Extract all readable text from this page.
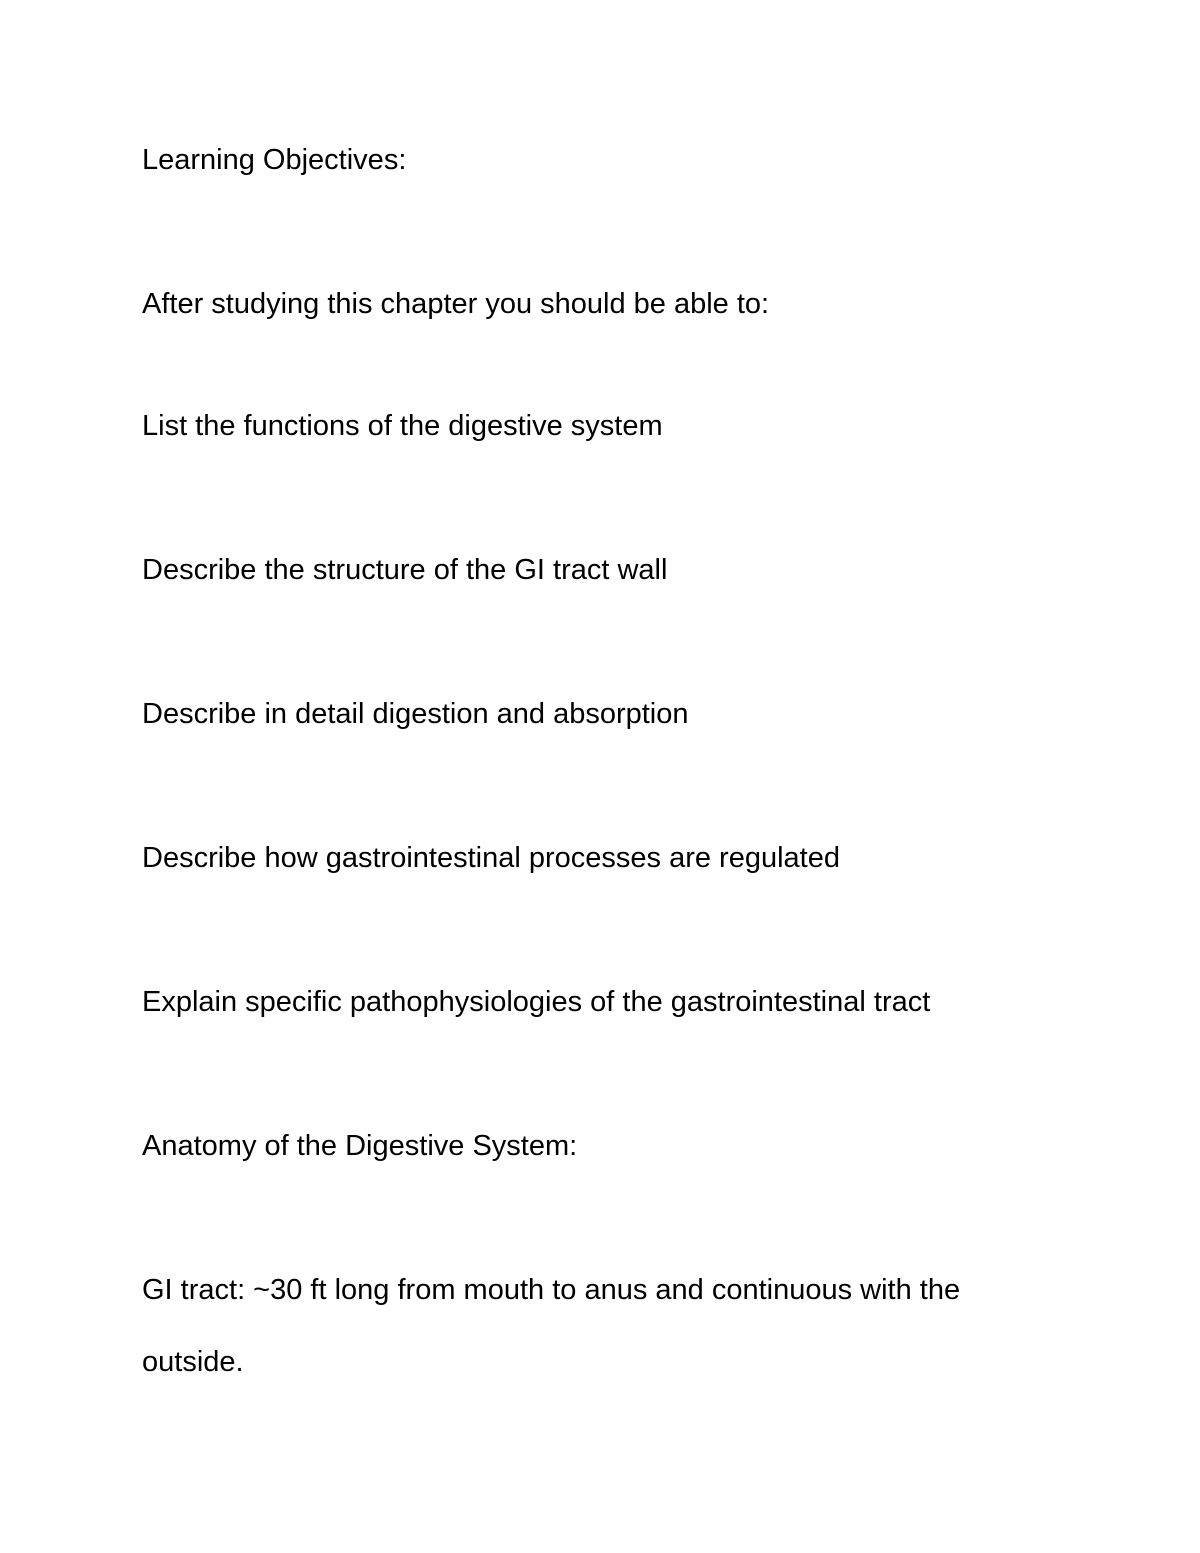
Learning Objectives:

After studying this chapter you should be able to:

List the functions of the digestive system

Describe the structure of the GI tract wall

Describe in detail digestion and absorption

Describe how gastrointestinal processes are regulated

Explain specific pathophysiologies of the gastrointestinal tract

Anatomy of the Digestive System:

GI tract: ~30 ft long from mouth to anus and continuous with the

outside.
